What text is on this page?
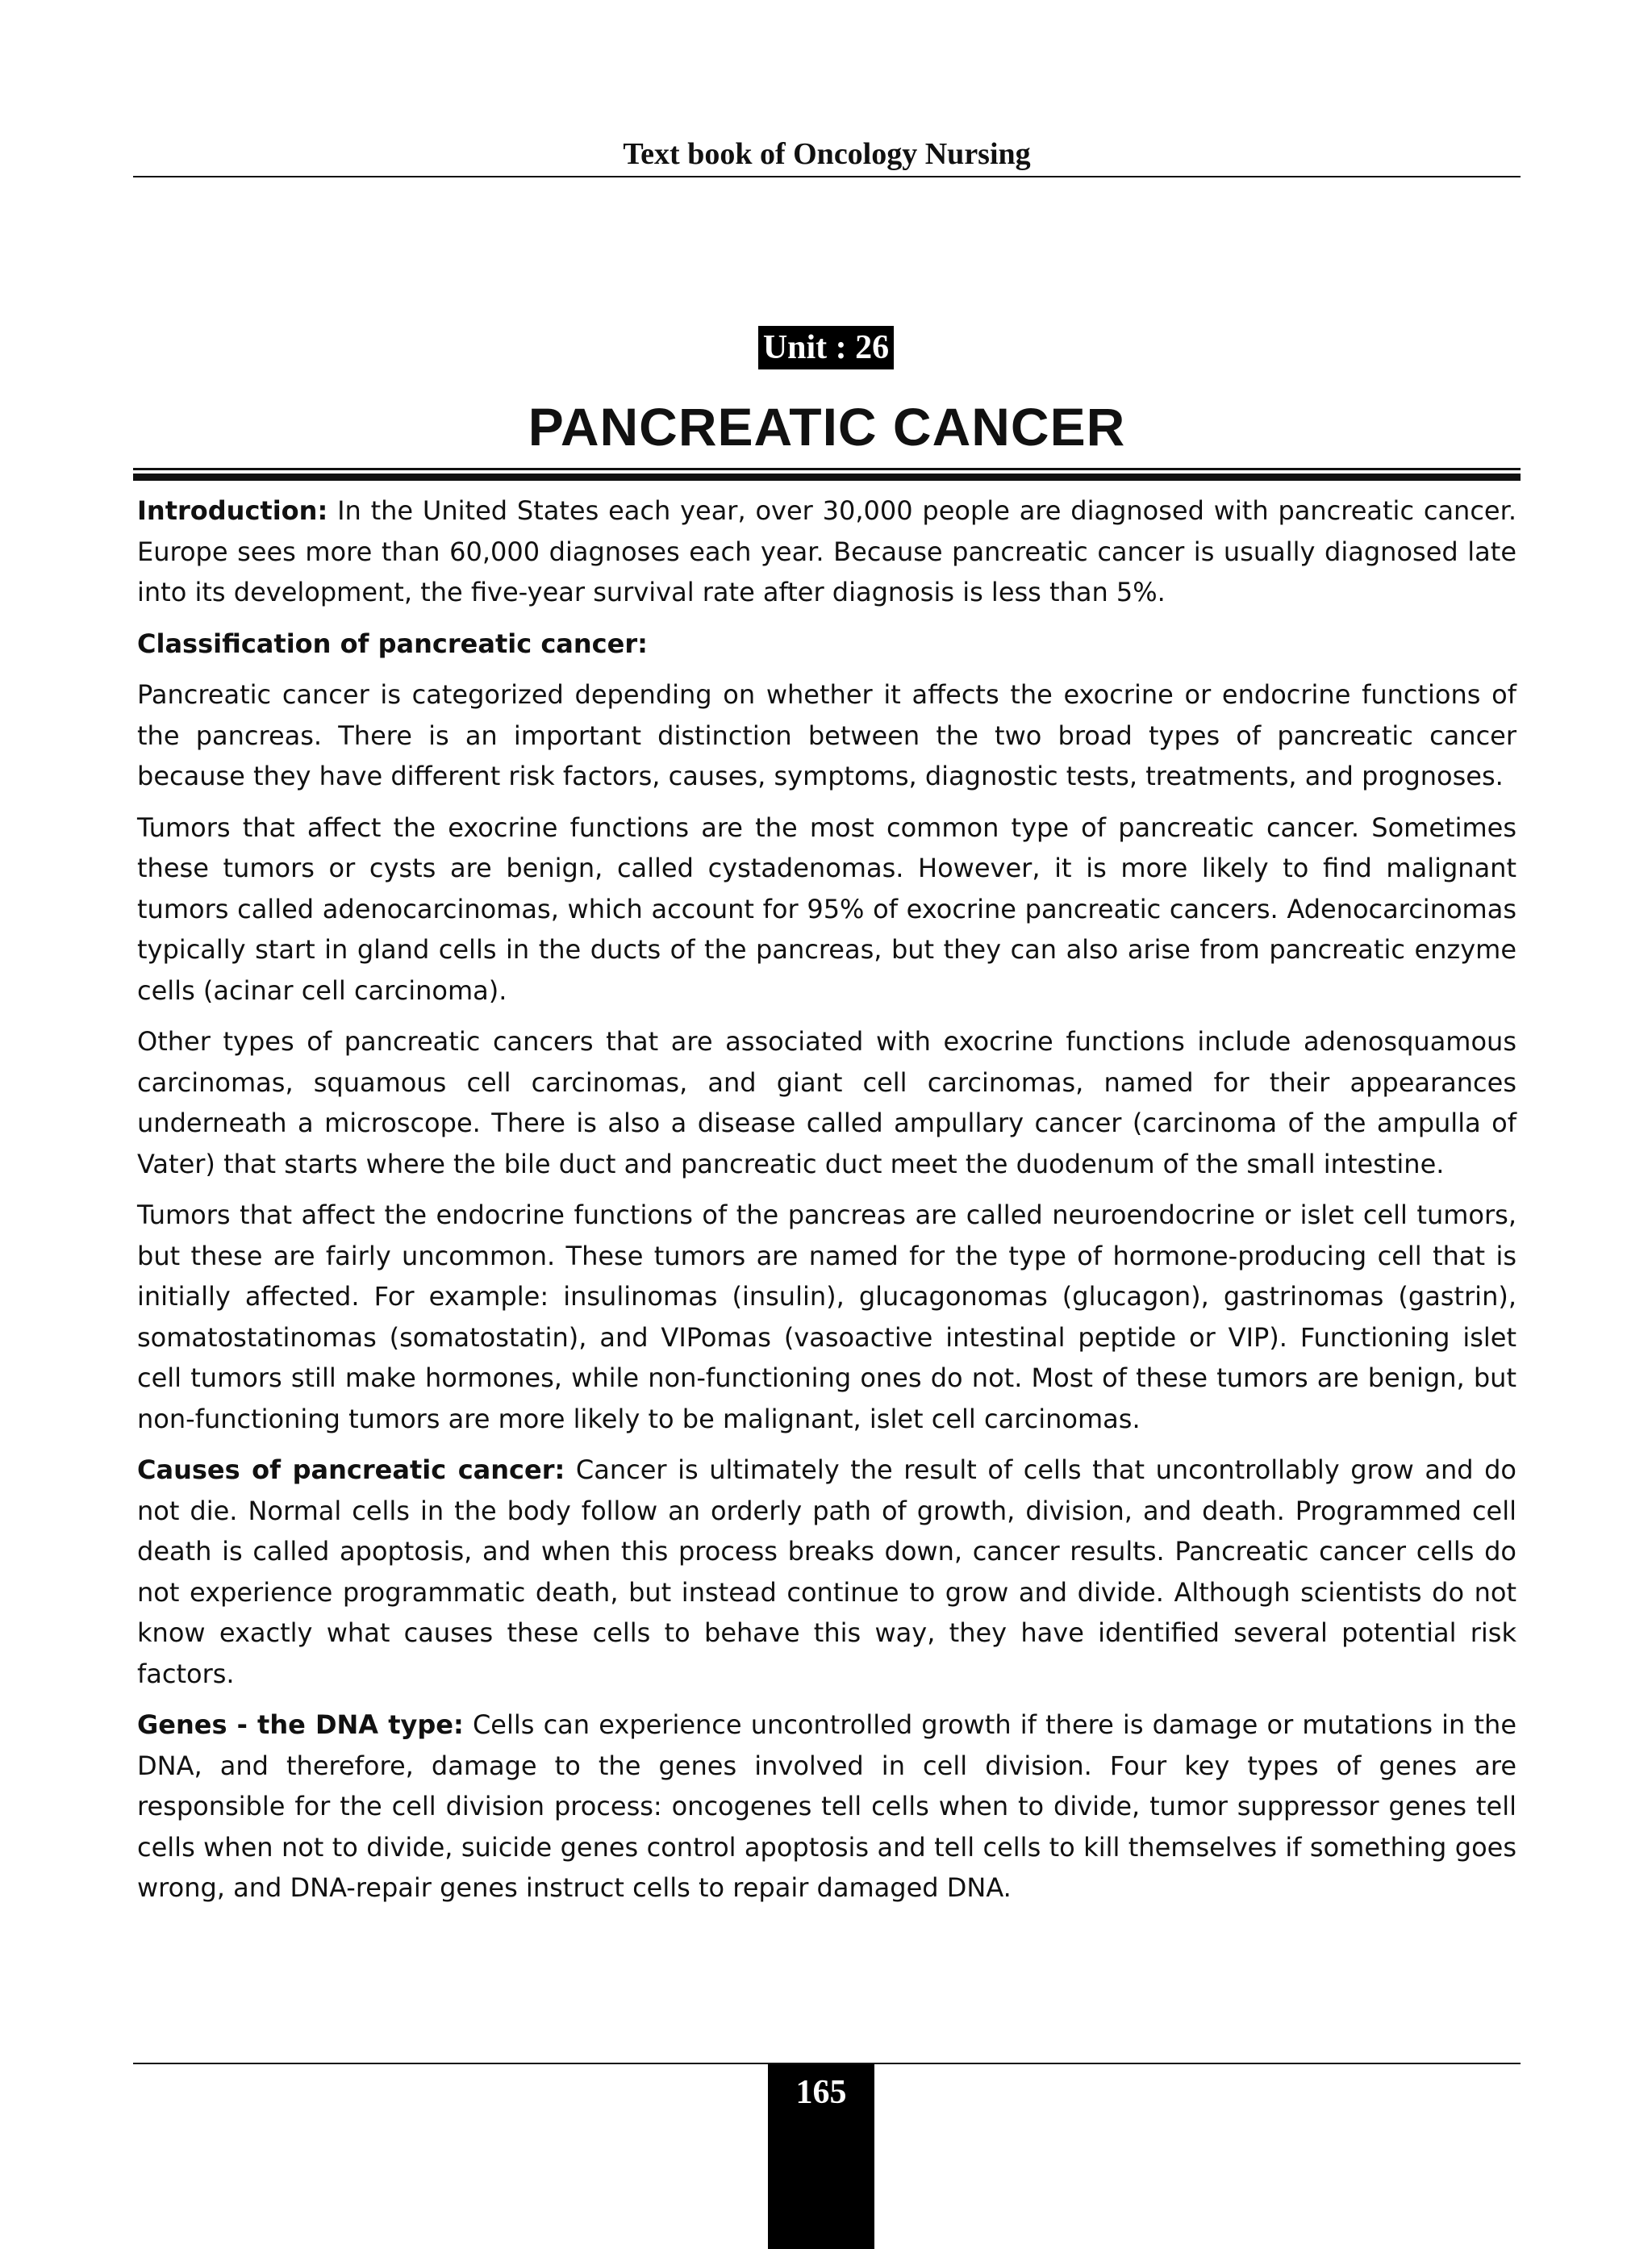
Text book of Oncology Nursing
Unit : 26
PANCREATIC CANCER

Introduction: In the United States each year, over 30,000 people are diagnosed with pancreatic cancer. Europe sees more than 60,000 diagnoses each year. Because pancreatic cancer is usually diagnosed late into its development, the five-year survival rate after diagnosis is less than 5%.

Classification of pancreatic cancer:

Pancreatic cancer is categorized depending on whether it affects the exocrine or endocrine functions of the pancreas. There is an important distinction between the two broad types of pancreatic cancer because they have different risk factors, causes, symptoms, diagnostic tests, treatments, and prognoses.

Tumors that affect the exocrine functions are the most common type of pancreatic cancer. Sometimes these tumors or cysts are benign, called cystadenomas. However, it is more likely to find malignant tumors called adenocarcinomas, which account for 95% of exocrine pancreatic cancers. Adenocarcinomas typically start in gland cells in the ducts of the pancreas, but they can also arise from pancreatic enzyme cells (acinar cell carcinoma).

Other types of pancreatic cancers that are associated with exocrine functions include adenosquamous carcinomas, squamous cell carcinomas, and giant cell carcinomas, named for their appearances underneath a microscope. There is also a disease called ampullary cancer (carcinoma of the ampulla of Vater) that starts where the bile duct and pancreatic duct meet the duodenum of the small intestine.

Tumors that affect the endocrine functions of the pancreas are called neuroendocrine or islet cell tumors, but these are fairly uncommon. These tumors are named for the type of hormone-producing cell that is initially affected. For example: insulinomas (insulin), glucagonomas (glucagon), gastrinomas (gastrin), somatostatinomas (somatostatin), and VIPomas (vasoactive intestinal peptide or VIP). Functioning islet cell tumors still make hormones, while non-functioning ones do not. Most of these tumors are benign, but non-functioning tumors are more likely to be malignant, islet cell carcinomas.

Causes of pancreatic cancer: Cancer is ultimately the result of cells that uncontrollably grow and do not die. Normal cells in the body follow an orderly path of growth, division, and death. Programmed cell death is called apoptosis, and when this process breaks down, cancer results. Pancreatic cancer cells do not experience programmatic death, but instead continue to grow and divide. Although scientists do not know exactly what causes these cells to behave this way, they have identified several potential risk factors.

Genes - the DNA type: Cells can experience uncontrolled growth if there is damage or mutations in the DNA, and therefore, damage to the genes involved in cell division. Four key types of genes are responsible for the cell division process: oncogenes tell cells when to divide, tumor suppressor genes tell cells when not to divide, suicide genes control apoptosis and tell cells to kill themselves if something goes wrong, and DNA-repair genes instruct cells to repair damaged DNA.

165
